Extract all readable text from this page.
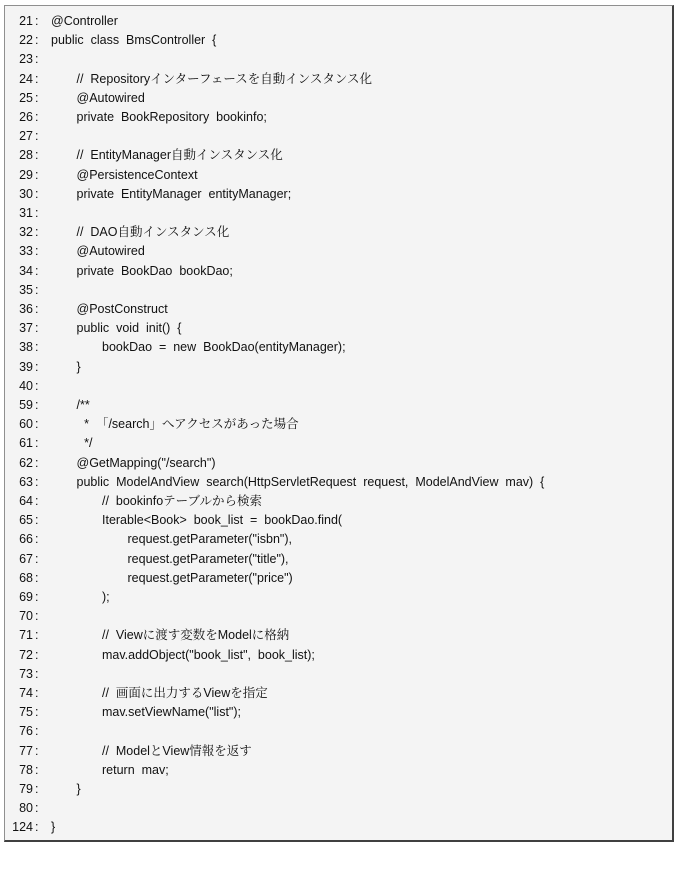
21 : @Controller
22 : public  class  BmsController  {
23 :
24 :	//  Repositoryインターフェースを自動インスタンス化
25 :	@Autowired
26 :	private  BookRepository  bookinfo;
27 :
28 :	//  EntityManager自動インスタンス化
29 :	@PersistenceContext
30 :	private  EntityManager  entityManager;
31 :
32 :	//  DAO自動インスタンス化
33 :	@Autowired
34 :	private  BookDao  bookDao;
35 :
36 :	@PostConstruct
37 :	public  void  init()  {
38 :	bookDao  =  new  BookDao(entityManager);
39 :	}
40 :
59 :	/**
60 :	*  「/search」へアクセスがあった場合
61 :	*/
62 :	@GetMapping("/search")
63 :	public  ModelAndView  search(HttpServletRequest  request,  ModelAndView  mav)  {
64 :	//  bookinfoテーブルから検索
65 :	Iterable<Book>  book_list  =  bookDao.find(
66 :	request.getParameter("isbn"),
67 :	request.getParameter("title"),
68 :	request.getParameter("price")
69 :	);
70 :
71 :	//  Viewに渡す変数をModelに格納
72 :	mav.addObject("book_list",  book_list);
73 :
74 :	//  画面に出力するViewを指定
75 :	mav.setViewName("list");
76 :
77 :	//  ModelとView情報を返す
78 :	return  mav;
79 :	}
80 :
124 : }
